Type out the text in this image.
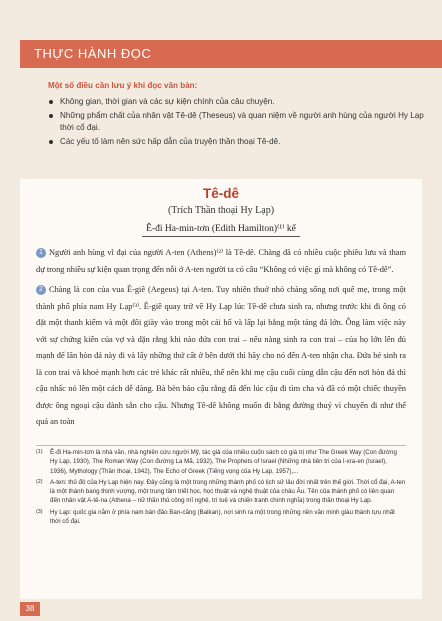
THỰC HÀNH ĐỌC
Một số điều cần lưu ý khi đọc văn bản:
Không gian, thời gian và các sự kiện chính của câu chuyện.
Những phẩm chất của nhân vật Tê-dê (Theseus) và quan niệm về người anh hùng của người Hy Lạp thời cổ đại.
Các yếu tố làm nên sức hấp dẫn của truyện thần thoại Tê-dê.
Tê-dê
(Trích Thần thoại Hy Lạp)
Ê-đi Ha-min-tơn (Edith Hamilton)⁽¹⁾ kể

1 Người anh hùng vĩ đại của người A-ten (Athens)⁽²⁾ là Tê-dê. Chàng đã có nhiều cuộc phiêu lưu và tham dự trong nhiều sự kiện quan trọng đến nỗi ở A-ten người ta có câu “Không có việc gì mà không có Tê-dê”.

2 Chàng là con của vua Ê-giê (Aegeus) tại A-ten. Tuy nhiên thuở nhỏ chàng sống nơi quê mẹ, trong một thành phố phía nam Hy Lạp⁽³⁾. Ê-giê quay trở về Hy Lạp lúc Tê-dê chưa sinh ra, nhưng trước khi đi ông có đặt một thanh kiếm và một đôi giày vào trong một cái hố và lấp lại bằng một tảng đá lớn. Ông làm việc này với sự chứng kiến của vợ và dặn rằng khi nào đứa con trai – nếu nàng sinh ra con trai – của họ lớn lên đủ mạnh để lăn hòn đá này đi và lấy những thứ cất ở bên dưới thì hãy cho nó đến A-ten nhận cha. Đứa bé sinh ra là con trai và khoẻ mạnh hơn các trẻ khác rất nhiều, thế nên khi mẹ cậu cuối cùng dẫn cậu đến nơi hòn đá thì cậu nhấc nó lên một cách dễ dàng. Bà bèn báo cậu rằng đã đến lúc cậu đi tìm cha và đã có một chiếc thuyền được ông ngoại cậu dành sẵn cho cậu. Nhưng Tê-dê không muốn đi bằng đường thuỷ vì chuyến đi như thế quá an toàn

(1) Ê-đi Ha-min-tơn là nhà văn, nhà nghiên cứu người Mỹ, tác giả của nhiều cuốn sách có giá trị như The Greek Way (Con đường Hy Lạp, 1930), The Roman Way (Con đường La Mã, 1932), The Prophets of Israel (Những nhà tiên tri của I-xra-en (Israel), 1936), Mythology (Thần thoại, 1942), The Echo of Greek (Tiếng vọng của Hy Lạp, 1957),...
(2) A-ten: thủ đô của Hy Lạp hiện nay. Đây cũng là một trong những thành phố có lịch sử lâu đời nhất trên thế giới. Thời cổ đại, A-ten là một thành bang thịnh vượng, một trung tâm triết học, học thuật và nghệ thuật của châu Âu. Tên của thành phố có liên quan đến nhân vật A-tê-na (Athena – nữ thần thủ công mĩ nghệ, trí tuệ và chiến tranh chính nghĩa) trong thần thoại Hy Lạp.
(3) Hy Lạp: quốc gia nằm ở phía nam bán đảo Ban-căng (Balkan), nơi sinh ra một trong những nền văn minh giàu thành tựu nhất thời cổ đại.
38
